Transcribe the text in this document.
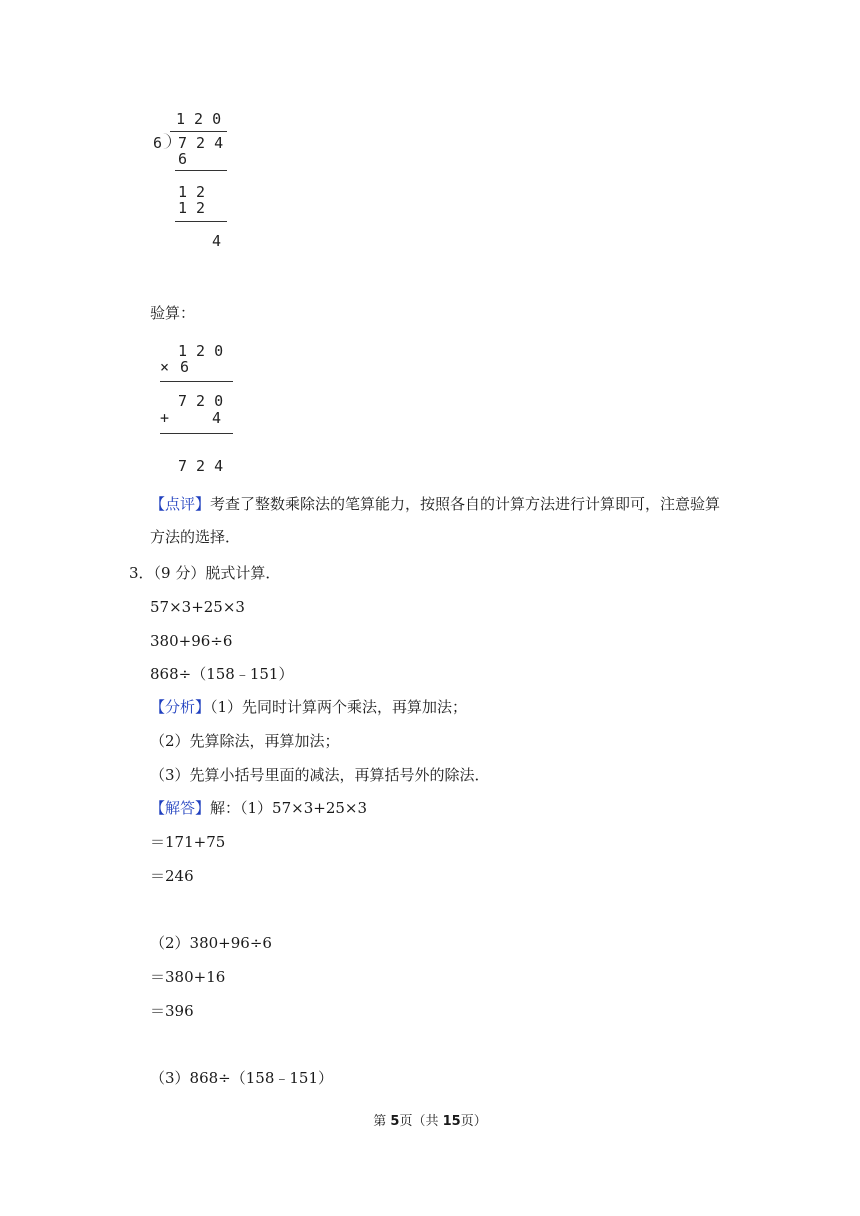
1 2 0
6 7 2 4
6
1 2
1 2
4
验算：
1 2 0
× 6
7 2 0
+	4
7 2 4
【点评】考查了整数乘除法的笔算能力，按照各自的计算方法进行计算即可，注意验算
方法的选择．
3．（9 分）脱式计算．
57×3+25×3
380+96÷6
868÷（158﹣151）
【分析】（1）先同时计算两个乘法，再算加法；
（2）先算除法，再算加法；
（3）先算小括号里面的减法，再算括号外的除法．
【解答】解：（1）57×3+25×3
＝171+75
＝246
（2）380+96÷6
＝380+16
＝396
（3）868÷（158﹣151）
第 5页（共 15页）
